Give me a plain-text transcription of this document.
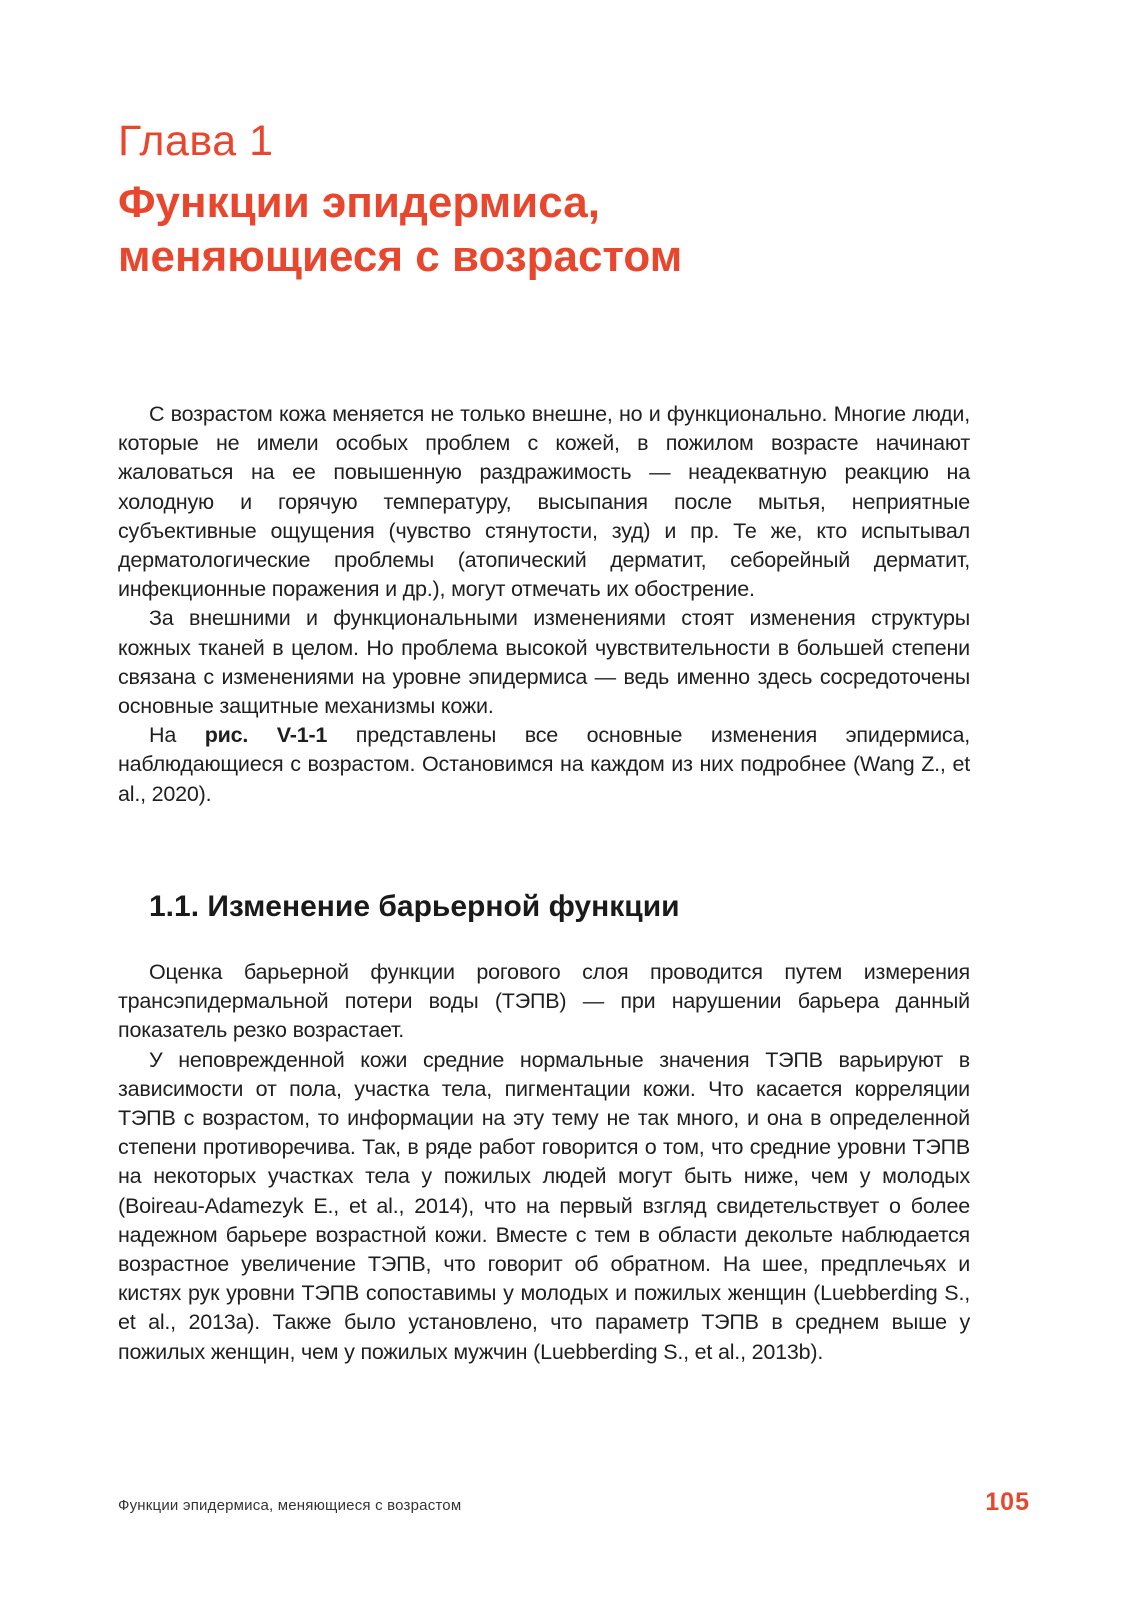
Глава 1
Функции эпидермиса,
меняющиеся с возрастом

С возрастом кожа меняется не только внешне, но и функционально. Многие люди, которые не имели особых проблем с кожей, в пожилом возрасте начинают жаловаться на ее повышенную раздражимость — неадекватную реакцию на холодную и горячую температуру, высыпания после мытья, неприятные субъективные ощущения (чувство стянутости, зуд) и пр. Те же, кто испытывал дерматологические проблемы (атопический дерматит, себорейный дерматит, инфекционные поражения и др.), могут отмечать их обострение.

За внешними и функциональными изменениями стоят изменения структуры кожных тканей в целом. Но проблема высокой чувствительности в большей степени связана с изменениями на уровне эпидермиса — ведь именно здесь сосредоточены основные защитные механизмы кожи.

На рис. V-1-1 представлены все основные изменения эпидермиса, наблюдающиеся с возрастом. Остановимся на каждом из них подробнее (Wang Z., et al., 2020).

1.1. Изменение барьерной функции

Оценка барьерной функции рогового слоя проводится путем измерения трансэпидермальной потери воды (ТЭПВ) — при нарушении барьера данный показатель резко возрастает.

У неповрежденной кожи средние нормальные значения ТЭПВ варьируют в зависимости от пола, участка тела, пигментации кожи. Что касается корреляции ТЭПВ с возрастом, то информации на эту тему не так много, и она в определенной степени противоречива. Так, в ряде работ говорится о том, что средние уровни ТЭПВ на некоторых участках тела у пожилых людей могут быть ниже, чем у молодых (Boireau-Adamezyk E., et al., 2014), что на первый взгляд свидетельствует о более надежном барьере возрастной кожи. Вместе с тем в области декольте наблюдается возрастное увеличение ТЭПВ, что говорит об обратном. На шее, предплечьях и кистях рук уровни ТЭПВ сопоставимы у молодых и пожилых женщин (Luebberding S., et al., 2013a). Также было установлено, что параметр ТЭПВ в среднем выше у пожилых женщин, чем у пожилых мужчин (Luebberding S., et al., 2013b).

Функции эпидермиса, меняющиеся с возрастом	105
